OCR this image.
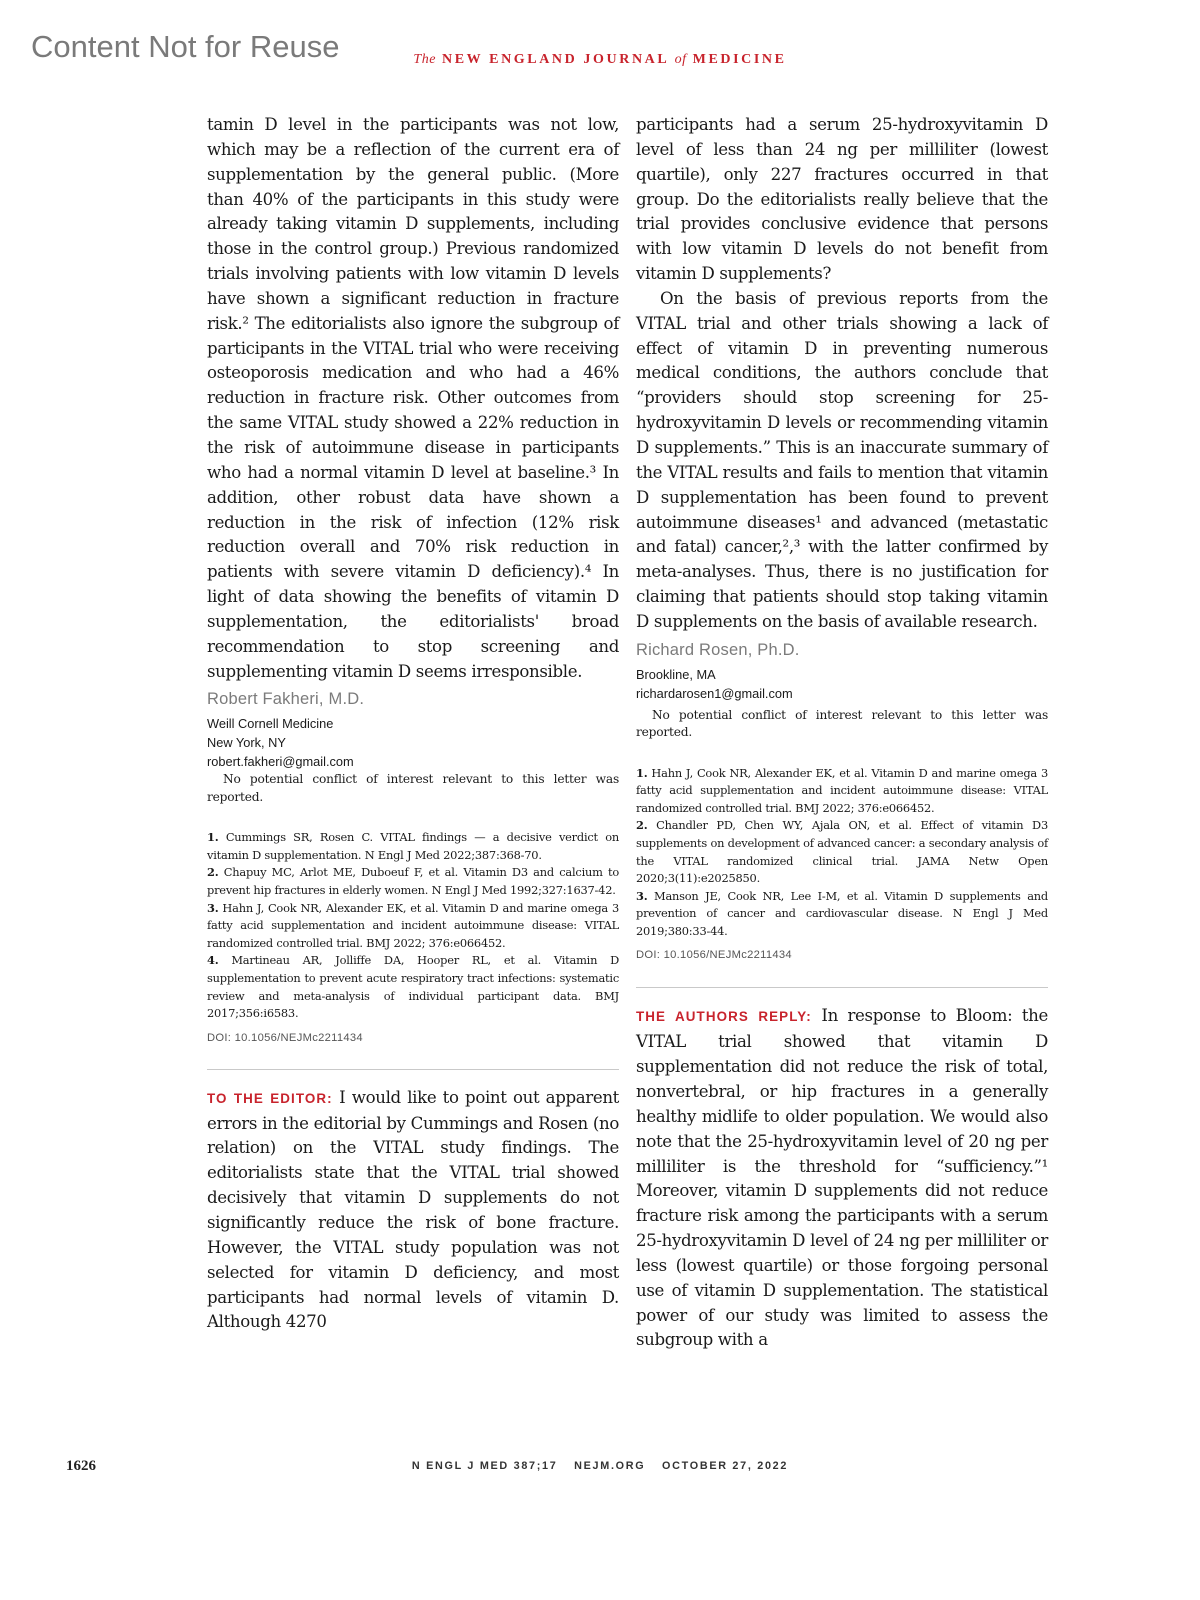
Content Not for Reuse	The NEW ENGLAND JOURNAL of MEDICINE

tamin D level in the participants was not low, which may be a reflection of the current era of supplementation by the general public. (More than 40% of the participants in this study were already taking vitamin D supplements, including those in the control group.) Previous randomized trials involving patients with low vitamin D levels have shown a significant reduction in fracture risk.² The editorialists also ignore the subgroup of participants in the VITAL trial who were receiving osteoporosis medication and who had a 46% reduction in fracture risk. Other outcomes from the same VITAL study showed a 22% reduction in the risk of autoimmune disease in participants who had a normal vitamin D level at baseline.³ In addition, other robust data have shown a reduction in the risk of infection (12% risk reduction overall and 70% risk reduction in patients with severe vitamin D deficiency).⁴ In light of data showing the benefits of vitamin D supplementation, the editorialists' broad recommendation to stop screening and supplementing vitamin D seems irresponsible.

Robert Fakheri, M.D.
Weill Cornell Medicine
New York, NY
robert.fakheri@gmail.com
No potential conflict of interest relevant to this letter was reported.

1. Cummings SR, Rosen C. VITAL findings — a decisive verdict on vitamin D supplementation. N Engl J Med 2022;387:368-70.

2. Chapuy MC, Arlot ME, Duboeuf F, et al. Vitamin D3 and calcium to prevent hip fractures in elderly women. N Engl J Med 1992;327:1637-42.

3. Hahn J, Cook NR, Alexander EK, et al. Vitamin D and marine omega 3 fatty acid supplementation and incident autoimmune disease: VITAL randomized controlled trial. BMJ 2022; 376:e066452.

4. Martineau AR, Jolliffe DA, Hooper RL, et al. Vitamin D supplementation to prevent acute respiratory tract infections: systematic review and meta-analysis of individual participant data. BMJ 2017;356:i6583.

DOI: 10.1056/NEJMc2211434

TO THE EDITOR: I would like to point out apparent errors in the editorial by Cummings and Rosen (no relation) on the VITAL study findings. The editorialists state that the VITAL trial showed decisively that vitamin D supplements do not significantly reduce the risk of bone fracture. However, the VITAL study population was not selected for vitamin D deficiency, and most participants had normal levels of vitamin D. Although 4270

participants had a serum 25-hydroxyvitamin D level of less than 24 ng per milliliter (lowest quartile), only 227 fractures occurred in that group. Do the editorialists really believe that the trial provides conclusive evidence that persons with low vitamin D levels do not benefit from vitamin D supplements?

On the basis of previous reports from the VITAL trial and other trials showing a lack of effect of vitamin D in preventing numerous medical conditions, the authors conclude that “providers should stop screening for 25-hydroxyvitamin D levels or recommending vitamin D supplements.” This is an inaccurate summary of the VITAL results and fails to mention that vitamin D supplementation has been found to prevent autoimmune diseases¹ and advanced (metastatic and fatal) cancer,²,³ with the latter confirmed by meta-analyses. Thus, there is no justification for claiming that patients should stop taking vitamin D supplements on the basis of available research.

Richard Rosen, Ph.D.
Brookline, MA
richardarosen1@gmail.com
No potential conflict of interest relevant to this letter was reported.

1. Hahn J, Cook NR, Alexander EK, et al. Vitamin D and marine omega 3 fatty acid supplementation and incident autoimmune disease: VITAL randomized controlled trial. BMJ 2022; 376:e066452.

2. Chandler PD, Chen WY, Ajala ON, et al. Effect of vitamin D3 supplements on development of advanced cancer: a secondary analysis of the VITAL randomized clinical trial. JAMA Netw Open 2020;3(11):e2025850.

3. Manson JE, Cook NR, Lee I-M, et al. Vitamin D supplements and prevention of cancer and cardiovascular disease. N Engl J Med 2019;380:33-44.

DOI: 10.1056/NEJMc2211434

THE AUTHORS REPLY: In response to Bloom: the VITAL trial showed that vitamin D supplementation did not reduce the risk of total, nonvertebral, or hip fractures in a generally healthy midlife to older population. We would also note that the 25-hydroxyvitamin level of 20 ng per milliliter is the threshold for “sufficiency.”¹ Moreover, vitamin D supplements did not reduce fracture risk among the participants with a serum 25-hydroxyvitamin D level of 24 ng per milliliter or less (lowest quartile) or those forgoing personal use of vitamin D supplementation. The statistical power of our study was limited to assess the subgroup with a

1626	N ENGL J MED 387;17 NEJM.ORG OCTOBER 27, 2022
